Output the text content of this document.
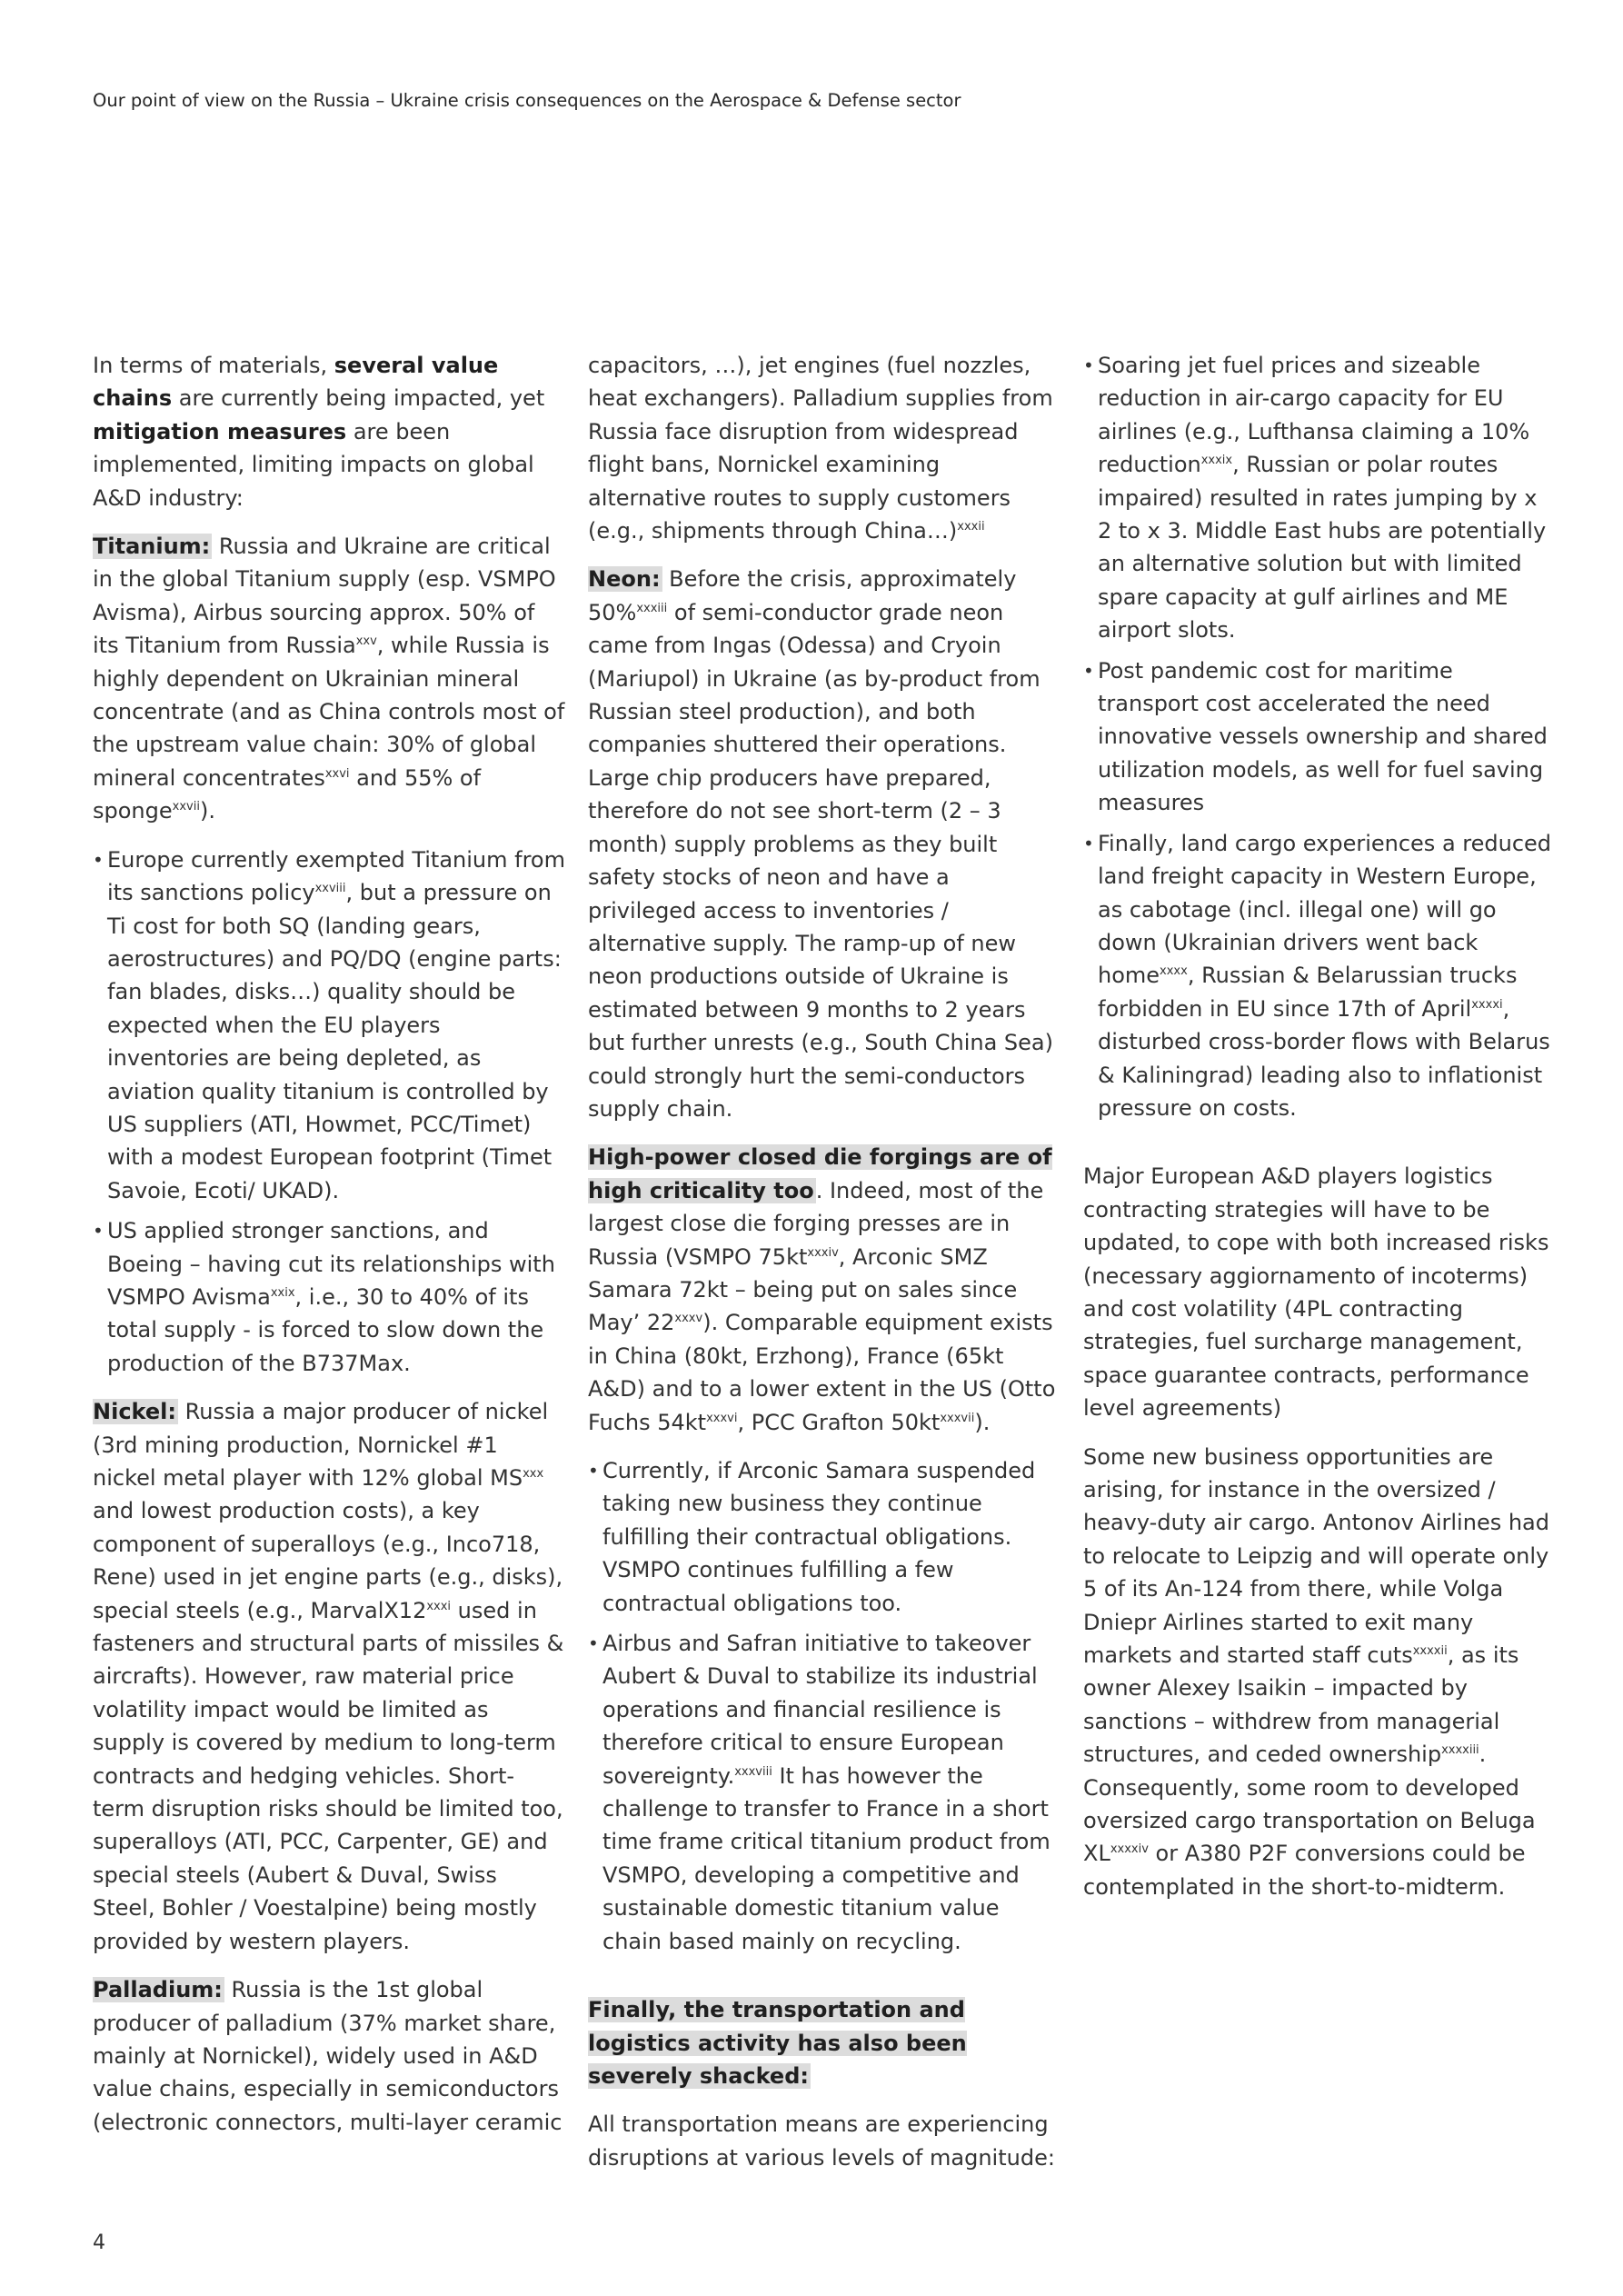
Our point of view on the Russia – Ukraine crisis consequences on the Aerospace & Defense sector

In terms of materials, several value chains are currently being impacted, yet mitigation measures are been implemented, limiting impacts on global A&D industry:

Titanium: Russia and Ukraine are critical in the global Titanium supply (esp. VSMPO Avisma), Airbus sourcing approx. 50% of its Titanium from Russia$^{xxv}$, while Russia is highly dependent on Ukrainian mineral concentrate (and as China controls most of the upstream value chain: 30% of global mineral concentrates$^{xxvi}$ and 55% of sponge$^{xxvii}$).

• Europe currently exempted Titanium from its sanctions policy$^{xxviii}$, but a pressure on Ti cost for both SQ (landing gears, aerostructures) and PQ/DQ (engine parts: fan blades, disks…) quality should be expected when the EU players inventories are being depleted, as aviation quality titanium is controlled by US suppliers (ATI, Howmet, PCC/Timet) with a modest European footprint (Timet Savoie, Ecoti/ UKAD).
• US applied stronger sanctions, and Boeing – having cut its relationships with VSMPO Avisma$^{xxix}$, i.e., 30 to 40% of its total supply - is forced to slow down the production of the B737Max.

Nickel: Russia a major producer of nickel (3rd mining production, Nornickel #1 nickel metal player with 12% global MS$^{xxx}$ and lowest production costs), a key component of superalloys (e.g., Inco718, Rene) used in jet engine parts (e.g., disks), special steels (e.g., MarvalX12$^{xxxi}$ used in fasteners and structural parts of missiles & aircrafts). However, raw material price volatility impact would be limited as supply is covered by medium to long-term contracts and hedging vehicles. Short-term disruption risks should be limited too, superalloys (ATI, PCC, Carpenter, GE) and special steels (Aubert & Duval, Swiss Steel, Bohler / Voestalpine) being mostly provided by western players.

Palladium: Russia is the 1st global producer of palladium (37% market share, mainly at Nornickel), widely used in A&D value chains, especially in semiconductors (electronic connectors, multi-layer ceramic

capacitors, …), jet engines (fuel nozzles, heat exchangers). Palladium supplies from Russia face disruption from widespread flight bans, Nornickel examining alternative routes to supply customers (e.g., shipments through China…)$^{xxxii}$

Neon: Before the crisis, approximately 50%$^{xxxiii}$ of semi-conductor grade neon came from Ingas (Odessa) and Cryoin (Mariupol) in Ukraine (as by-product from Russian steel production), and both companies shuttered their operations. Large chip producers have prepared, therefore do not see short-term (2 – 3 month) supply problems as they built safety stocks of neon and have a privileged access to inventories / alternative supply. The ramp-up of new neon productions outside of Ukraine is estimated between 9 months to 2 years but further unrests (e.g., South China Sea) could strongly hurt the semi-conductors supply chain.

High-power closed die forgings are of high criticality too. Indeed, most of the largest close die forging presses are in Russia (VSMPO $75kt^{xxxiv}$, Arconic SMZ Samara 72kt – being put on sales since May’ 22$^{xxxv}$). Comparable equipment exists in China (80kt, Erzhong), France (65kt A&D) and to a lower extent in the US (Otto Fuchs $54kt^{xxxvi}$, PCC Grafton $50kt^{xxxvii}$).

• Currently, if Arconic Samara suspended taking new business they continue fulfilling their contractual obligations. VSMPO continues fulfilling a few contractual obligations too.
• Airbus and Safran initiative to takeover Aubert & Duval to stabilize its industrial operations and financial resilience is therefore critical to ensure European sovereignty.$^{xxxviii}$ It has however the challenge to transfer to France in a short time frame critical titanium product from VSMPO, developing a competitive and sustainable domestic titanium value chain based mainly on recycling.

Finally, the transportation and logistics activity has also been severely shacked:

All transportation means are experiencing disruptions at various levels of magnitude:

• Soaring jet fuel prices and sizeable reduction in air-cargo capacity for EU airlines (e.g., Lufthansa claiming a 10% reduction$^{xxxix}$, Russian or polar routes impaired) resulted in rates jumping by x 2 to x 3. Middle East hubs are potentially an alternative solution but with limited spare capacity at gulf airlines and ME airport slots.
• Post pandemic cost for maritime transport cost accelerated the need innovative vessels ownership and shared utilization models, as well for fuel saving measures
• Finally, land cargo experiences a reduced land freight capacity in Western Europe, as cabotage (incl. illegal one) will go down (Ukrainian drivers went back home$^{xxxx}$, Russian & Belarussian trucks forbidden in EU since 17th of April$^{xxxxi}$, disturbed cross-border flows with Belarus & Kaliningrad) leading also to inflationist pressure on costs.

Major European A&D players logistics contracting strategies will have to be updated, to cope with both increased risks (necessary aggiornamento of incoterms) and cost volatility (4PL contracting strategies, fuel surcharge management, space guarantee contracts, performance level agreements)

Some new business opportunities are arising, for instance in the oversized / heavy-duty air cargo. Antonov Airlines had to relocate to Leipzig and will operate only 5 of its An-124 from there, while Volga Dniepr Airlines started to exit many markets and started staff cuts$^{xxxxii}$, as its owner Alexey Isaikin – impacted by sanctions – withdrew from managerial structures, and ceded ownership$^{xxxxiii}$. Consequently, some room to developed oversized cargo transportation on Beluga $XL^{xxxxiv}$ or A380 P2F conversions could be contemplated in the short-to-midterm.

4
